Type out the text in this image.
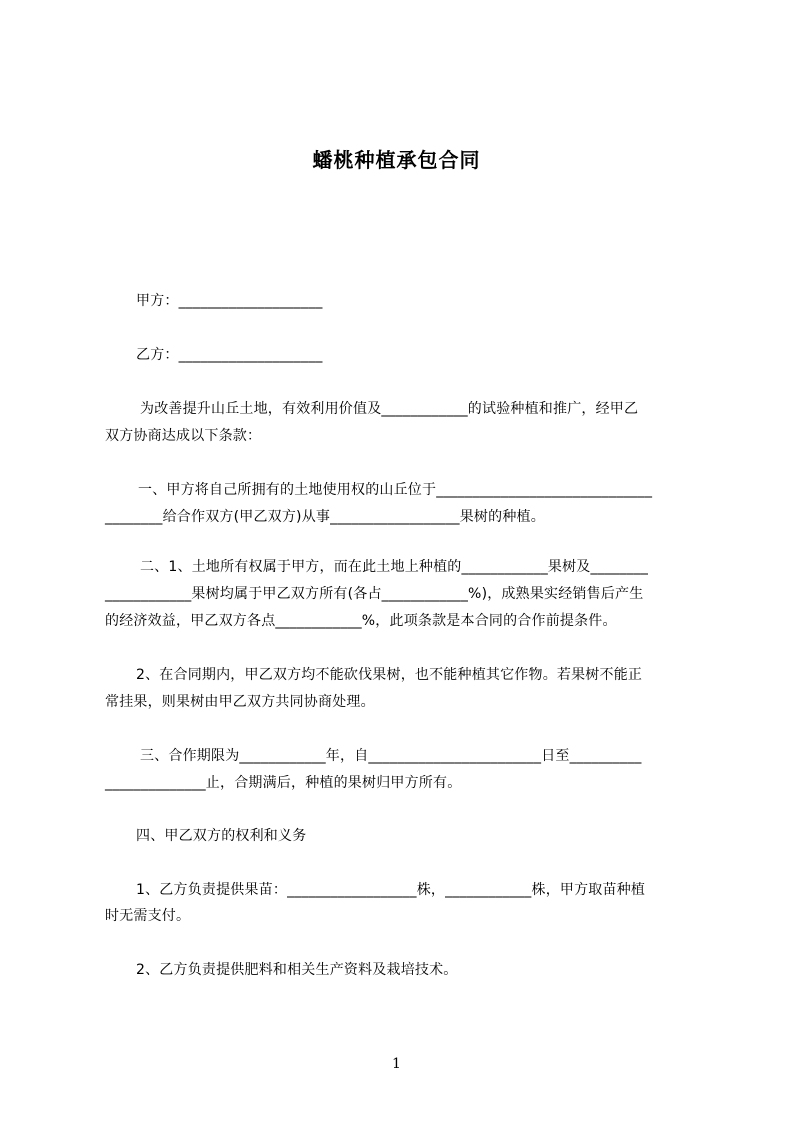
蟠桃种植承包合同
甲方：____________________
乙方：____________________
为改善提升山丘土地，有效利用价值及____________的试验种植和推广，经甲乙
双方协商达成以下条款：
一、甲方将自己所拥有的土地使用权的山丘位于______________________________
________给合作双方(甲乙双方)从事__________________果树的种植。
二、1、土地所有权属于甲方，而在此土地上种植的____________果树及________
____________果树均属于甲乙双方所有(各占____________%)，成熟果实经销售后产生
的经济效益，甲乙双方各点____________%，此项条款是本合同的合作前提条件。
2、在合同期内，甲乙双方均不能砍伐果树，也不能种植其它作物。若果树不能正
常挂果，则果树由甲乙双方共同协商处理。
三、合作期限为____________年，自________________________日至__________
______________止，合期满后，种植的果树归甲方所有。
四、甲乙双方的权利和义务
1、乙方负责提供果苗：__________________株，____________株，甲方取苗种植
时无需支付。
2、乙方负责提供肥料和相关生产资料及栽培技术。
1
